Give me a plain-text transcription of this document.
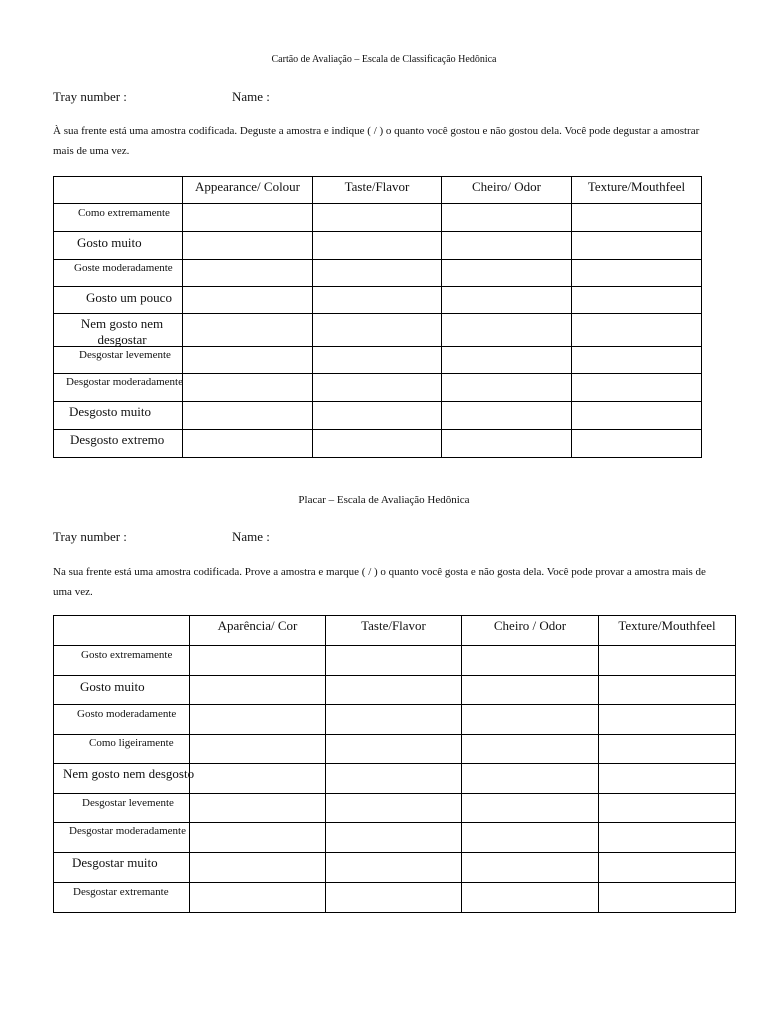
Cartão de Avaliação – Escala de Classificação Hedônica
Tray number :	Name :
À sua frente está uma amostra codificada. Deguste a amostra e indique ( / ) o quanto você gostou e não gostou dela. Você pode degustar a amostrar mais de uma vez.

	Appearance/ Colour	Taste/Flavor	Cheiro/ Odor	Texture/Mouthfeel

Como extremamente				

Gosto muito				

Goste moderadamente				

Gosto um pouco				

Nem gosto nem desgostar				

Desgostar levemente				

Desgostar moderadamente				

Desgosto muito				

Desgosto extremo				

Placar – Escala de Avaliação Hedônica
Tray number :	Name :
Na sua frente está uma amostra codificada. Prove a amostra e marque ( / ) o quanto você gosta e não gosta dela. Você pode provar a amostra mais de uma vez.

	Aparência/ Cor	Taste/Flavor	Cheiro / Odor	Texture/Mouthfeel

Gosto extremamente				

Gosto muito				

Gosto moderadamente				

Como ligeiramente				

Nem gosto nem desgosto				

Desgostar levemente				

Desgostar moderadamente				

Desgostar muito				

Desgostar extremante				
